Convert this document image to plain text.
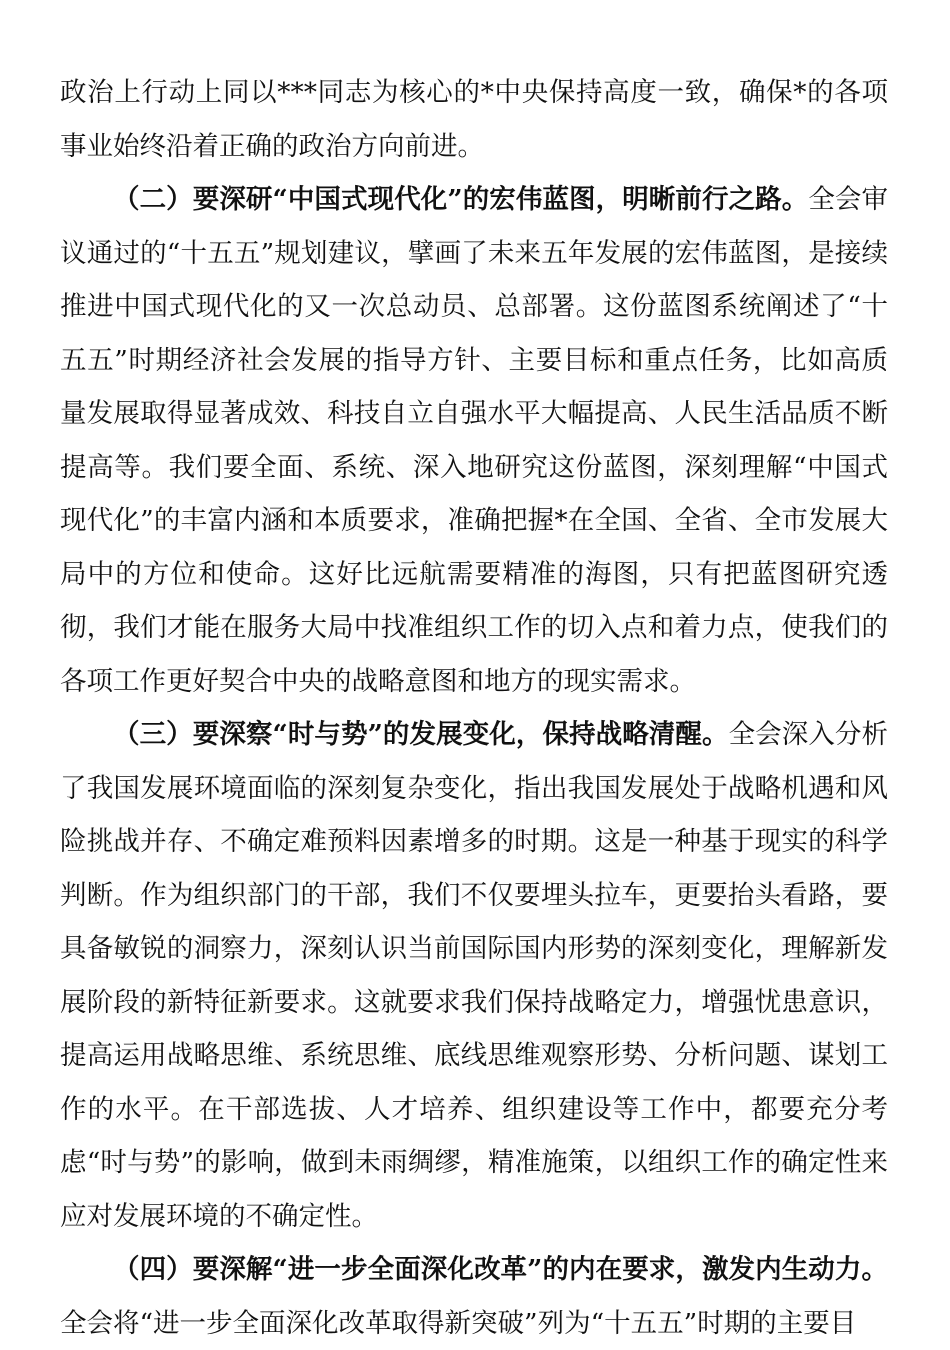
政治上行动上同以***同志为核心的*中央保持高度一致，确保*的各项事业始终沿着正确的政治方向前进。

（二）要深研“中国式现代化”的宏伟蓝图，明晰前行之路。全会审议通过的“十五五”规划建议，擘画了未来五年发展的宏伟蓝图，是接续推进中国式现代化的又一次总动员、总部署。这份蓝图系统阐述了“十五五”时期经济社会发展的指导方针、主要目标和重点任务，比如高质量发展取得显著成效、科技自立自强水平大幅提高、人民生活品质不断提高等。我们要全面、系统、深入地研究这份蓝图，深刻理解“中国式现代化”的丰富内涵和本质要求，准确把握*在全国、全省、全市发展大局中的方位和使命。这好比远航需要精准的海图，只有把蓝图研究透彻，我们才能在服务大局中找准组织工作的切入点和着力点，使我们的各项工作更好契合中央的战略意图和地方的现实需求。

（三）要深察“时与势”的发展变化，保持战略清醒。全会深入分析了我国发展环境面临的深刻复杂变化，指出我国发展处于战略机遇和风险挑战并存、不确定难预料因素增多的时期。这是一种基于现实的科学判断。作为组织部门的干部，我们不仅要埋头拉车，更要抬头看路，要具备敏锐的洞察力，深刻认识当前国际国内形势的深刻变化，理解新发展阶段的新特征新要求。这就要求我们保持战略定力，增强忧患意识，提高运用战略思维、系统思维、底线思维观察形势、分析问题、谋划工作的水平。在干部选拔、人才培养、组织建设等工作中，都要充分考虑“时与势”的影响，做到未雨绸缪，精准施策，以组织工作的确定性来应对发展环境的不确定性。

（四）要深解“进一步全面深化改革”的内在要求，激发内生动力。全会将“进一步全面深化改革取得新突破”列为“十五五”时期的主要目
